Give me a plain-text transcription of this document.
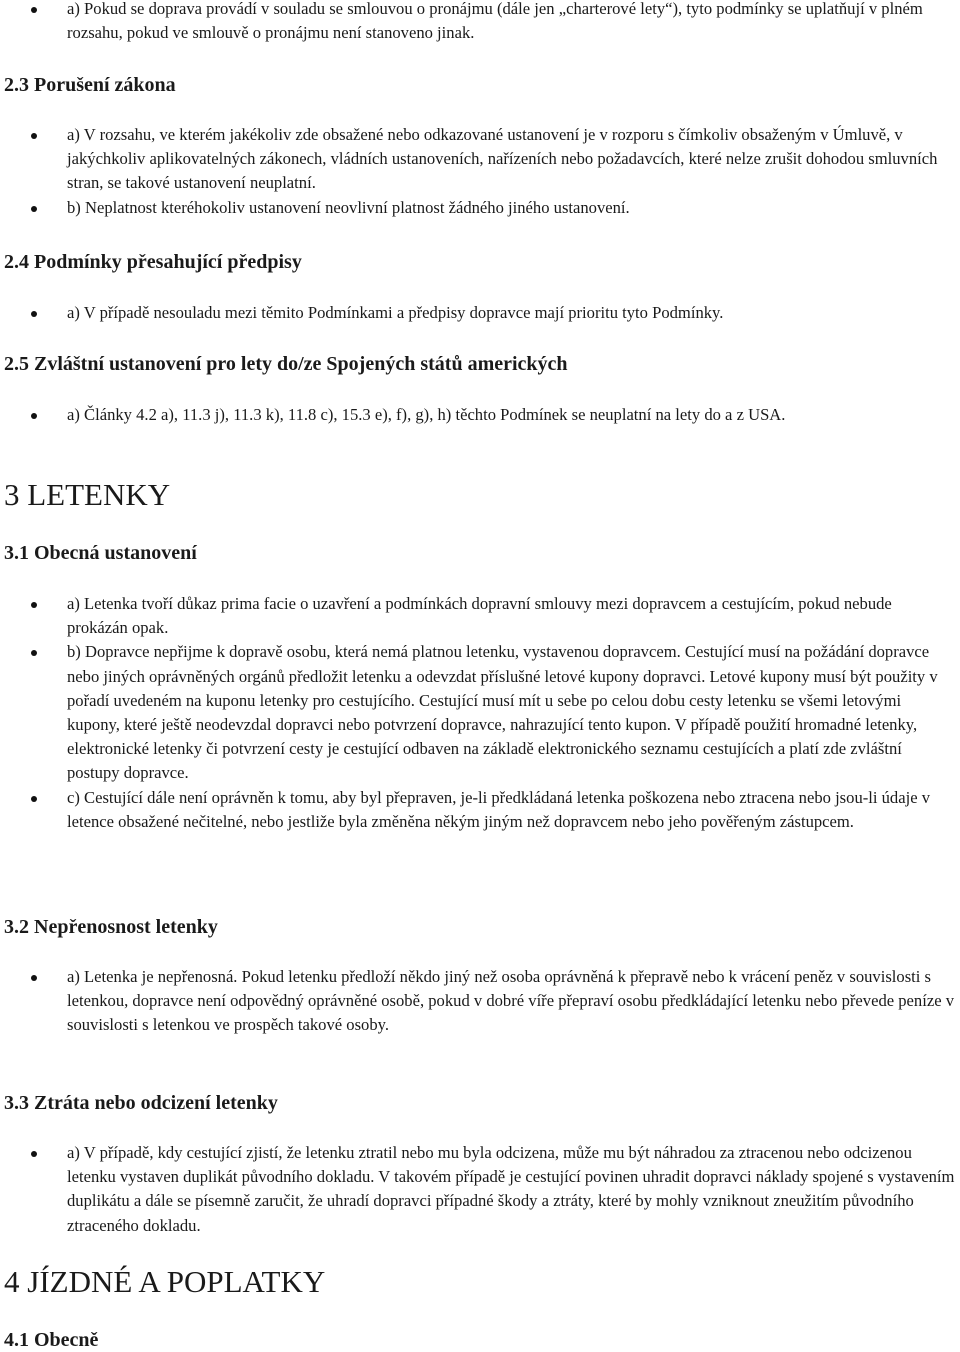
a) Pokud se doprava provádí v souladu se smlouvou o pronájmu (dále jen „charterové lety“), tyto podmínky se uplatňují v plném rozsahu, pokud ve smlouvě o pronájmu není stanoveno jinak.
2.3 Porušení zákona
a) V rozsahu, ve kterém jakékoliv zde obsažené nebo odkazované ustanovení je v rozporu s čímkoliv obsaženým v Úmluvě, v jakýchkoliv aplikovatelných zákonech, vládních ustanoveních, nařízeních nebo požadavcích, které nelze zrušit dohodou smluvních stran, se takové ustanovení neuplatní.
b) Neplatnost kteréhokoliv ustanovení neovlivní platnost žádného jiného ustanovení.
2.4 Podmínky přesahující předpisy
a) V případě nesouladu mezi těmito Podmínkami a předpisy dopravce mají prioritu tyto Podmínky.
2.5 Zvláštní ustanovení pro lety do/ze Spojených států amerických
a) Články 4.2 a), 11.3 j), 11.3 k), 11.8 c), 15.3 e), f), g), h) těchto Podmínek se neuplatní na lety do a z USA.
3 LETENKY
3.1 Obecná ustanovení
a) Letenka tvoří důkaz prima facie o uzavření a podmínkách dopravní smlouvy mezi dopravcem a cestujícím, pokud nebude prokázán opak.
b) Dopravce nepřijme k dopravě osobu, která nemá platnou letenku, vystavenou dopravcem. Cestující musí na požádání dopravce nebo jiných oprávněných orgánů předložit letenku a odevzdat příslušné letové kupony dopravci. Letové kupony musí být použity v pořadí uvedeném na kuponu letenky pro cestujícího. Cestující musí mít u sebe po celou dobu cesty letenku se všemi letovými kupony, které ještě neodevzdal dopravci nebo potvrzení dopravce, nahrazující tento kupon. V případě použití hromadné letenky, elektronické letenky či potvrzení cesty je cestující odbaven na základě elektronického seznamu cestujících a platí zde zvláštní postupy dopravce.
c) Cestující dále není oprávněn k tomu, aby byl přepraven, je-li předkládaná letenka poškozena nebo ztracena nebo jsou-li údaje v letence obsažené nečitelné, nebo jestliže byla změněna někým jiným než dopravcem nebo jeho pověřeným zástupcem.
3.2 Nepřenosnost letenky
a) Letenka je nepřenosná. Pokud letenku předloží někdo jiný než osoba oprávněná k přepravě nebo k vrácení peněz v souvislosti s letenkou, dopravce není odpovědný oprávněné osobě, pokud v dobré víře přepraví osobu předkládající letenku nebo převede peníze v souvislosti s letenkou ve prospěch takové osoby.
3.3 Ztráta nebo odcizení letenky
a) V případě, kdy cestující zjistí, že letenku ztratil nebo mu byla odcizena, může mu být náhradou za ztracenou nebo odcizenou letenku vystaven duplikát původního dokladu. V takovém případě je cestující povinen uhradit dopravci náklady spojené s vystavením duplikátu a dále se písemně zaručit, že uhradí dopravci případné škody a ztráty, které by mohly vzniknout zneužitím původního ztraceného dokladu.
4 JÍZDNÉ A POPLATKY
4.1 Obecně
